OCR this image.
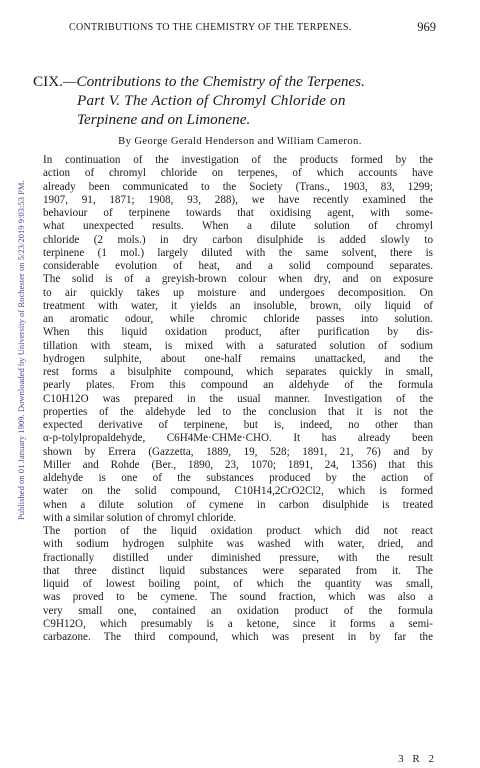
Published on 01 January 1909. Downloaded by University of Rochester on 5/23/2019 9:03:53 PM.
CONTRIBUTIONS TO THE CHEMISTRY OF THE TERPENES.	969
CIX.—Contributions to the Chemistry of the Terpenes.
Part V. The Action of Chromyl Chloride on
Terpinene and on Limonene.
By George Gerald Henderson and William Cameron.

In continuation of the investigation of the products formed by the
action of chromyl chloride on terpenes, of which accounts have
already been communicated to the Society (Trans., 1903, 83, 1299;
1907, 91, 1871; 1908, 93, 288), we have recently examined the
behaviour of terpinene towards that oxidising agent, with some-
what unexpected results. When a dilute solution of chromyl
chloride (2 mols.) in dry carbon disulphide is added slowly to
terpinene (1 mol.) largely diluted with the same solvent, there is
considerable evolution of heat, and a solid compound separates.
The solid is of a greyish-brown colour when dry, and on exposure
to air quickly takes up moisture and undergoes decomposition. On
treatment with water, it yields an insoluble, brown, oily liquid of
an aromatic odour, while chromic chloride passes into solution.
When this liquid oxidation product, after purification by dis-
tillation with steam, is mixed with a saturated solution of sodium
hydrogen sulphite, about one-half remains unattacked, and the
rest forms a bisulphite compound, which separates quickly in small,
pearly plates. From this compound an aldehyde of the formula
C10H12O was prepared in the usual manner. Investigation of the
properties of the aldehyde led to the conclusion that it is not the
expected derivative of terpinene, but is, indeed, no other than
α-p-tolylpropaldehyde, C6H4Me·CHMe·CHO. It has already been
shown by Errera (Gazzetta, 1889, 19, 528; 1891, 21, 76) and by
Miller and Rohde (Ber., 1890, 23, 1070; 1891, 24, 1356) that this
aldehyde is one of the substances produced by the action of
water on the solid compound, C10H14,2CrO2Cl2, which is formed
when a dilute solution of cymene in carbon disulphide is treated
with a similar solution of chromyl chloride.

The portion of the liquid oxidation product which did not react
with sodium hydrogen sulphite was washed with water, dried, and
fractionally distilled under diminished pressure, with the result
that three distinct liquid substances were separated from it. The
liquid of lowest boiling point, of which the quantity was small,
was proved to be cymene. The sound fraction, which was also a
very small one, contained an oxidation product of the formula
C9H12O, which presumably is a ketone, since it forms a semi-
carbazone. The third compound, which was present in by far the

3 R 2
